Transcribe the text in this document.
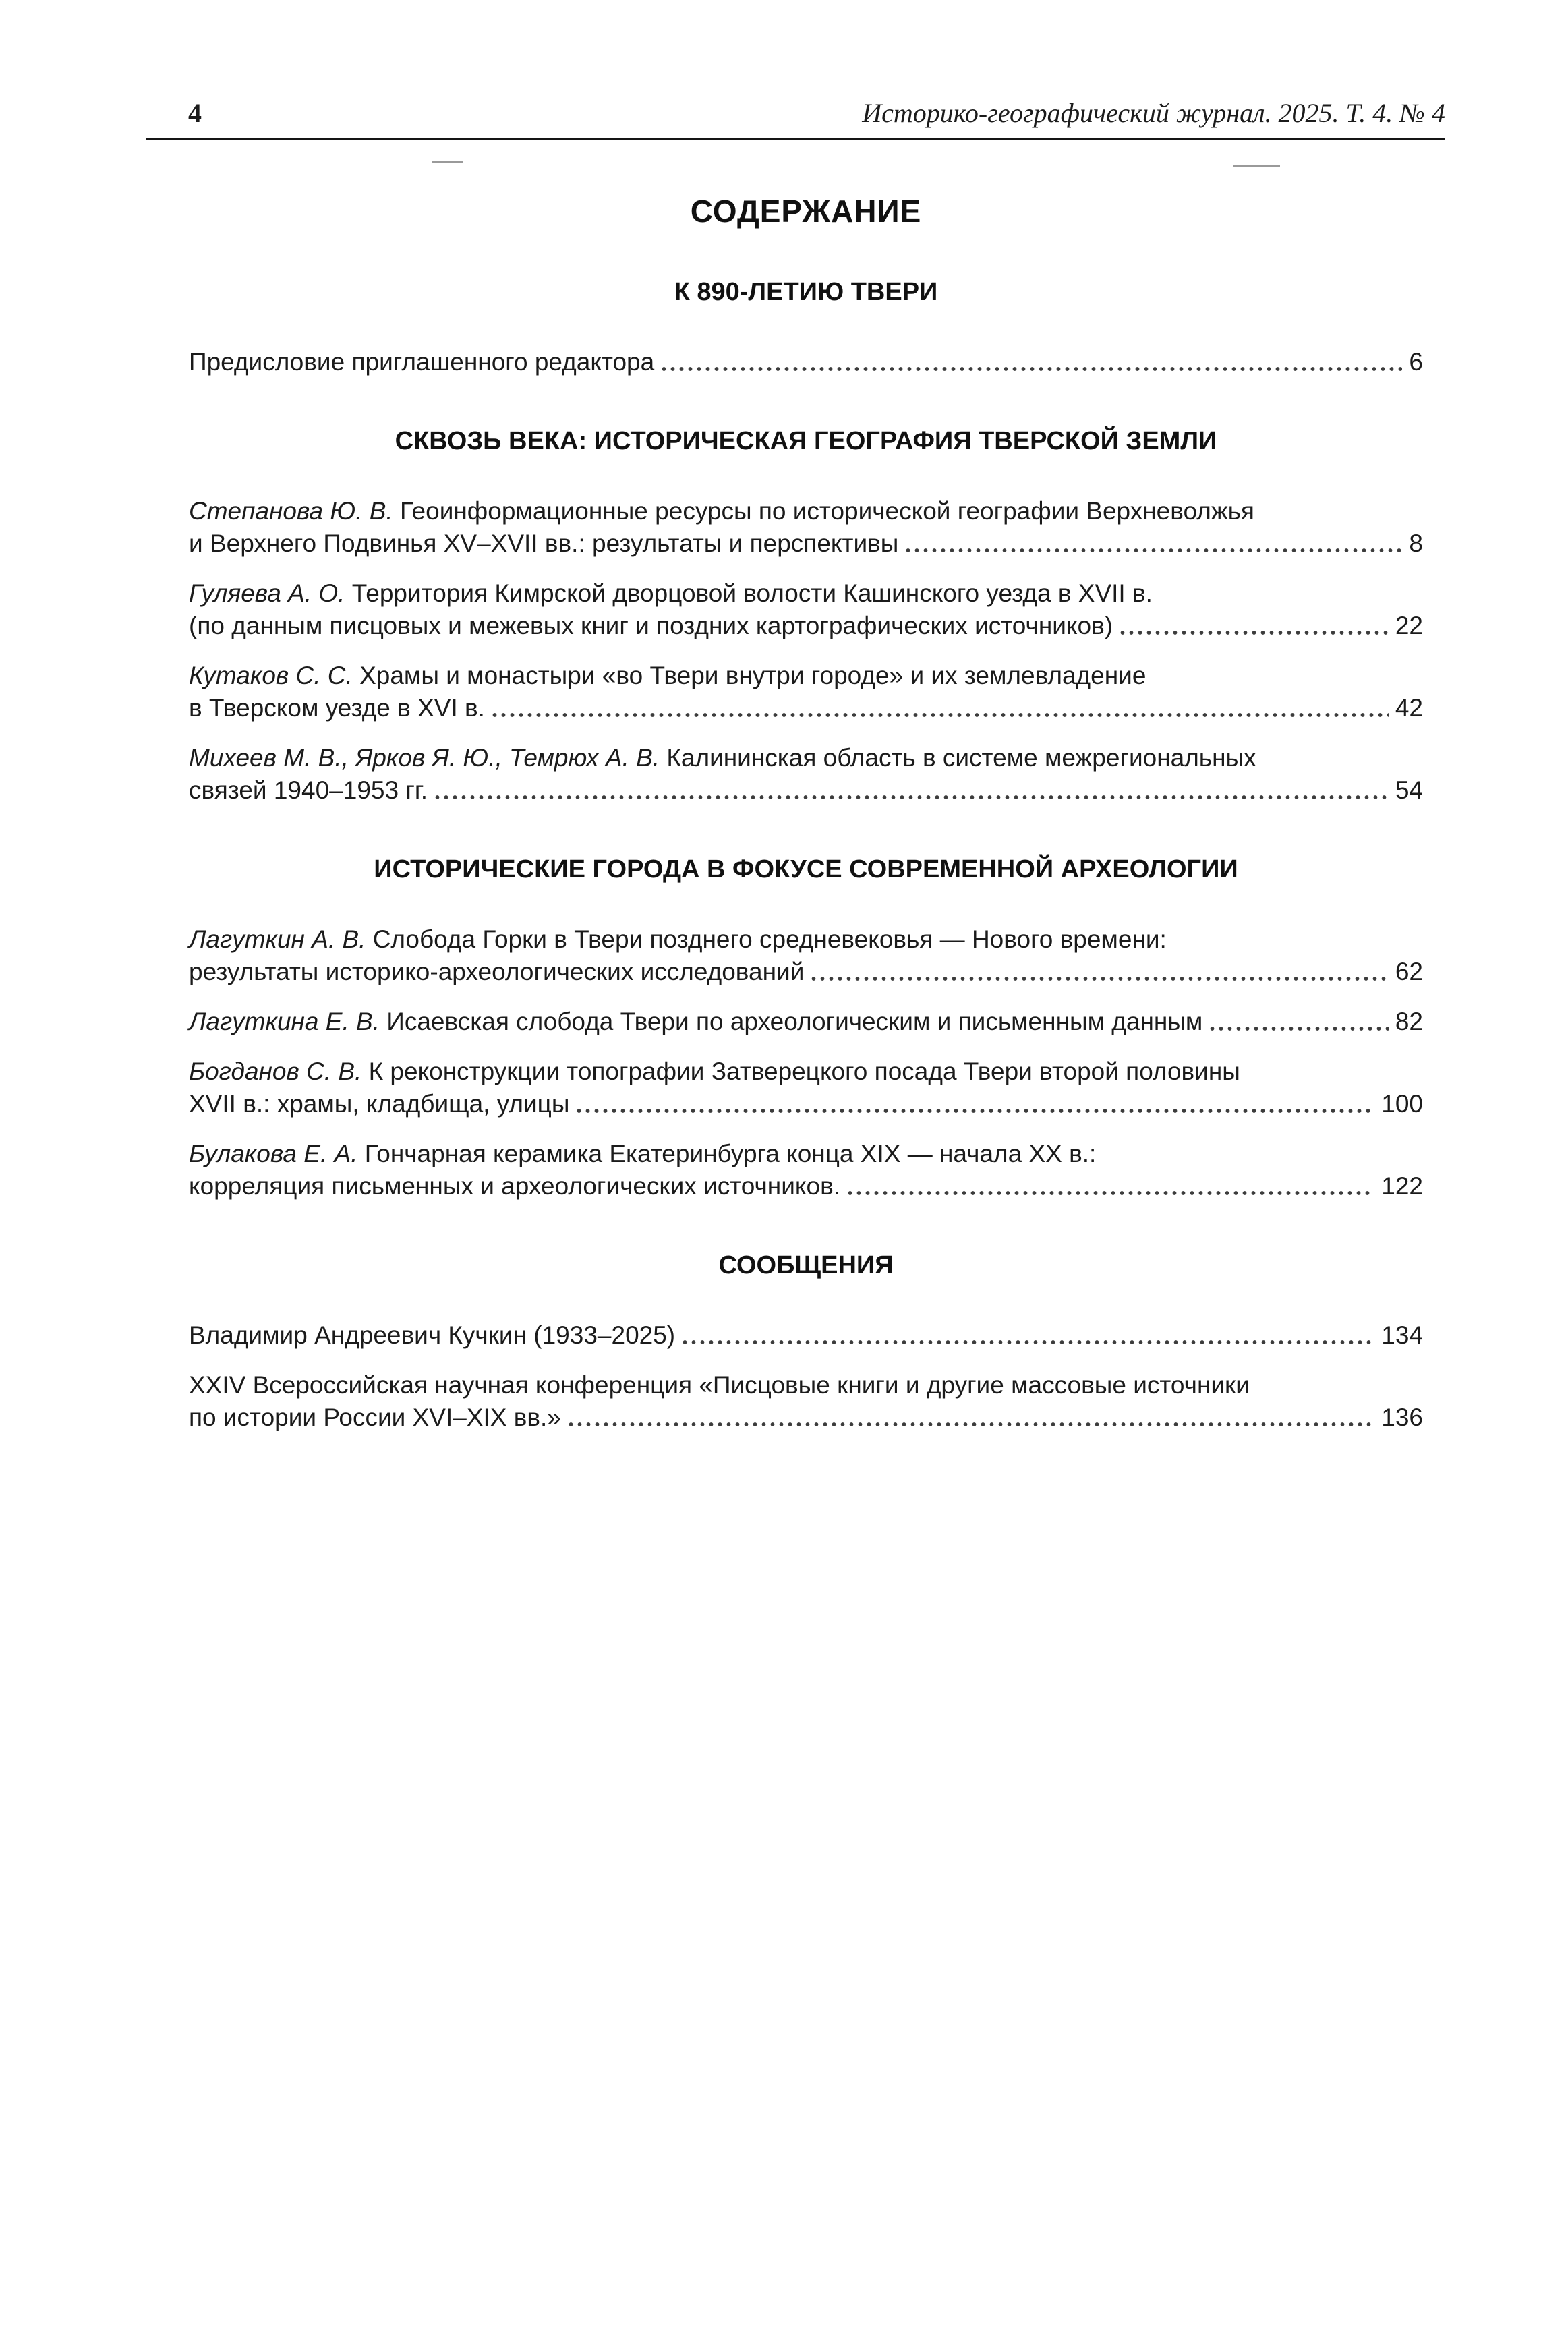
4	Историко-географический журнал. 2025. Т. 4. № 4
СОДЕРЖАНИЕ
К 890-ЛЕТИЮ ТВЕРИ
Предисловие приглашенного редактора	6
СКВОЗЬ ВЕКА: ИСТОРИЧЕСКАЯ ГЕОГРАФИЯ ТВЕРСКОЙ ЗЕМЛИ
Степанова Ю. В. Геоинформационные ресурсы по исторической географии Верхневолжья
и Верхнего Подвинья XV–XVII вв.: результаты и перспективы	8
Гуляева А. О. Территория Кимрской дворцовой волости Кашинского уезда в XVII в.
(по данным писцовых и межевых книг и поздних картографических источников)	22
Кутаков С. С. Храмы и монастыри «во Твери внутри городе» и их землевладение
в Тверском уезде в XVI в.	42
Михеев М. В., Ярков Я. Ю., Темрюх А. В. Калининская область в системе межрегиональных
связей 1940–1953 гг.	54
ИСТОРИЧЕСКИЕ ГОРОДА В ФОКУСЕ СОВРЕМЕННОЙ АРХЕОЛОГИИ
Лагуткин А. В. Слобода Горки в Твери позднего средневековья — Нового времени:
результаты историко-археологических исследований	62
Лагуткина Е. В. Исаевская слобода Твери по археологическим и письменным данным	82
Богданов С. В. К реконструкции топографии Затверецкого посада Твери второй половины
XVII в.: храмы, кладбища, улицы	100
Булакова Е. А. Гончарная керамика Екатеринбурга конца XIX — начала XX в.:
корреляция письменных и археологических источников.	122
СООБЩЕНИЯ
Владимир Андреевич Кучкин (1933–2025)	134
XXIV Всероссийская научная конференция «Писцовые книги и другие массовые источники
по истории России XVI–XIX вв.»	136
